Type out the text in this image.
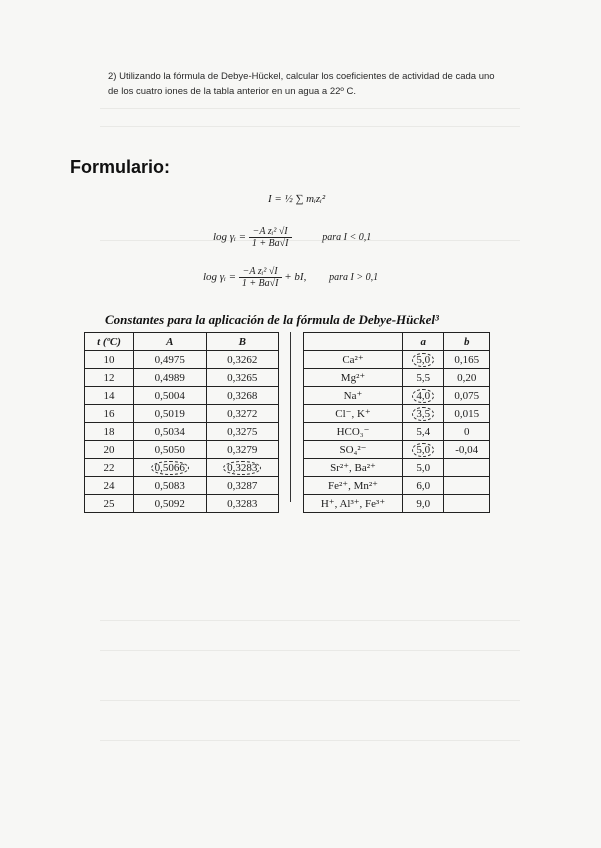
2) Utilizando la fórmula de Debye-Hückel, calcular los coeficientes de actividad de cada uno
de los cuatro iones de la tabla anterior en un agua a 22º C.
Formulario:
I = ½ ∑ mᵢzᵢ²
log γᵢ = $\frac{\text{−A zᵢ² √I}}{1 + Ba√I}$	para I < 0,1
log γᵢ = $\frac{\text{−A zᵢ² √I}}{1 + Ba√I}$ + bI, para I > 0,1
Constantes para la aplicación de la fórmula de Debye-Hückel³
t (ºC)	A	B
10	0,4975	0,3262
12	0,4989	0,3265
14	0,5004	0,3268
16	0,5019	0,3272
18	0,5034	0,3275
20	0,5050	0,3279
22	0,5066	0,3283
24	0,5083	0,3287
25	0,5092	0,3283
	a	b
Ca²⁺	5,0	0,165
Mg²⁺	5,5	0,20
Na⁺	4,0	0,075
Cl⁻, K⁺	3,5	0,015
HCO₃⁻	5,4	0
SO₄²⁻	5,0	-0,04
Sr²⁺, Ba²⁺	5,0	
Fe²⁺, Mn²⁺	6,0	
H⁺, Al³⁺, Fe³⁺	9,0	
